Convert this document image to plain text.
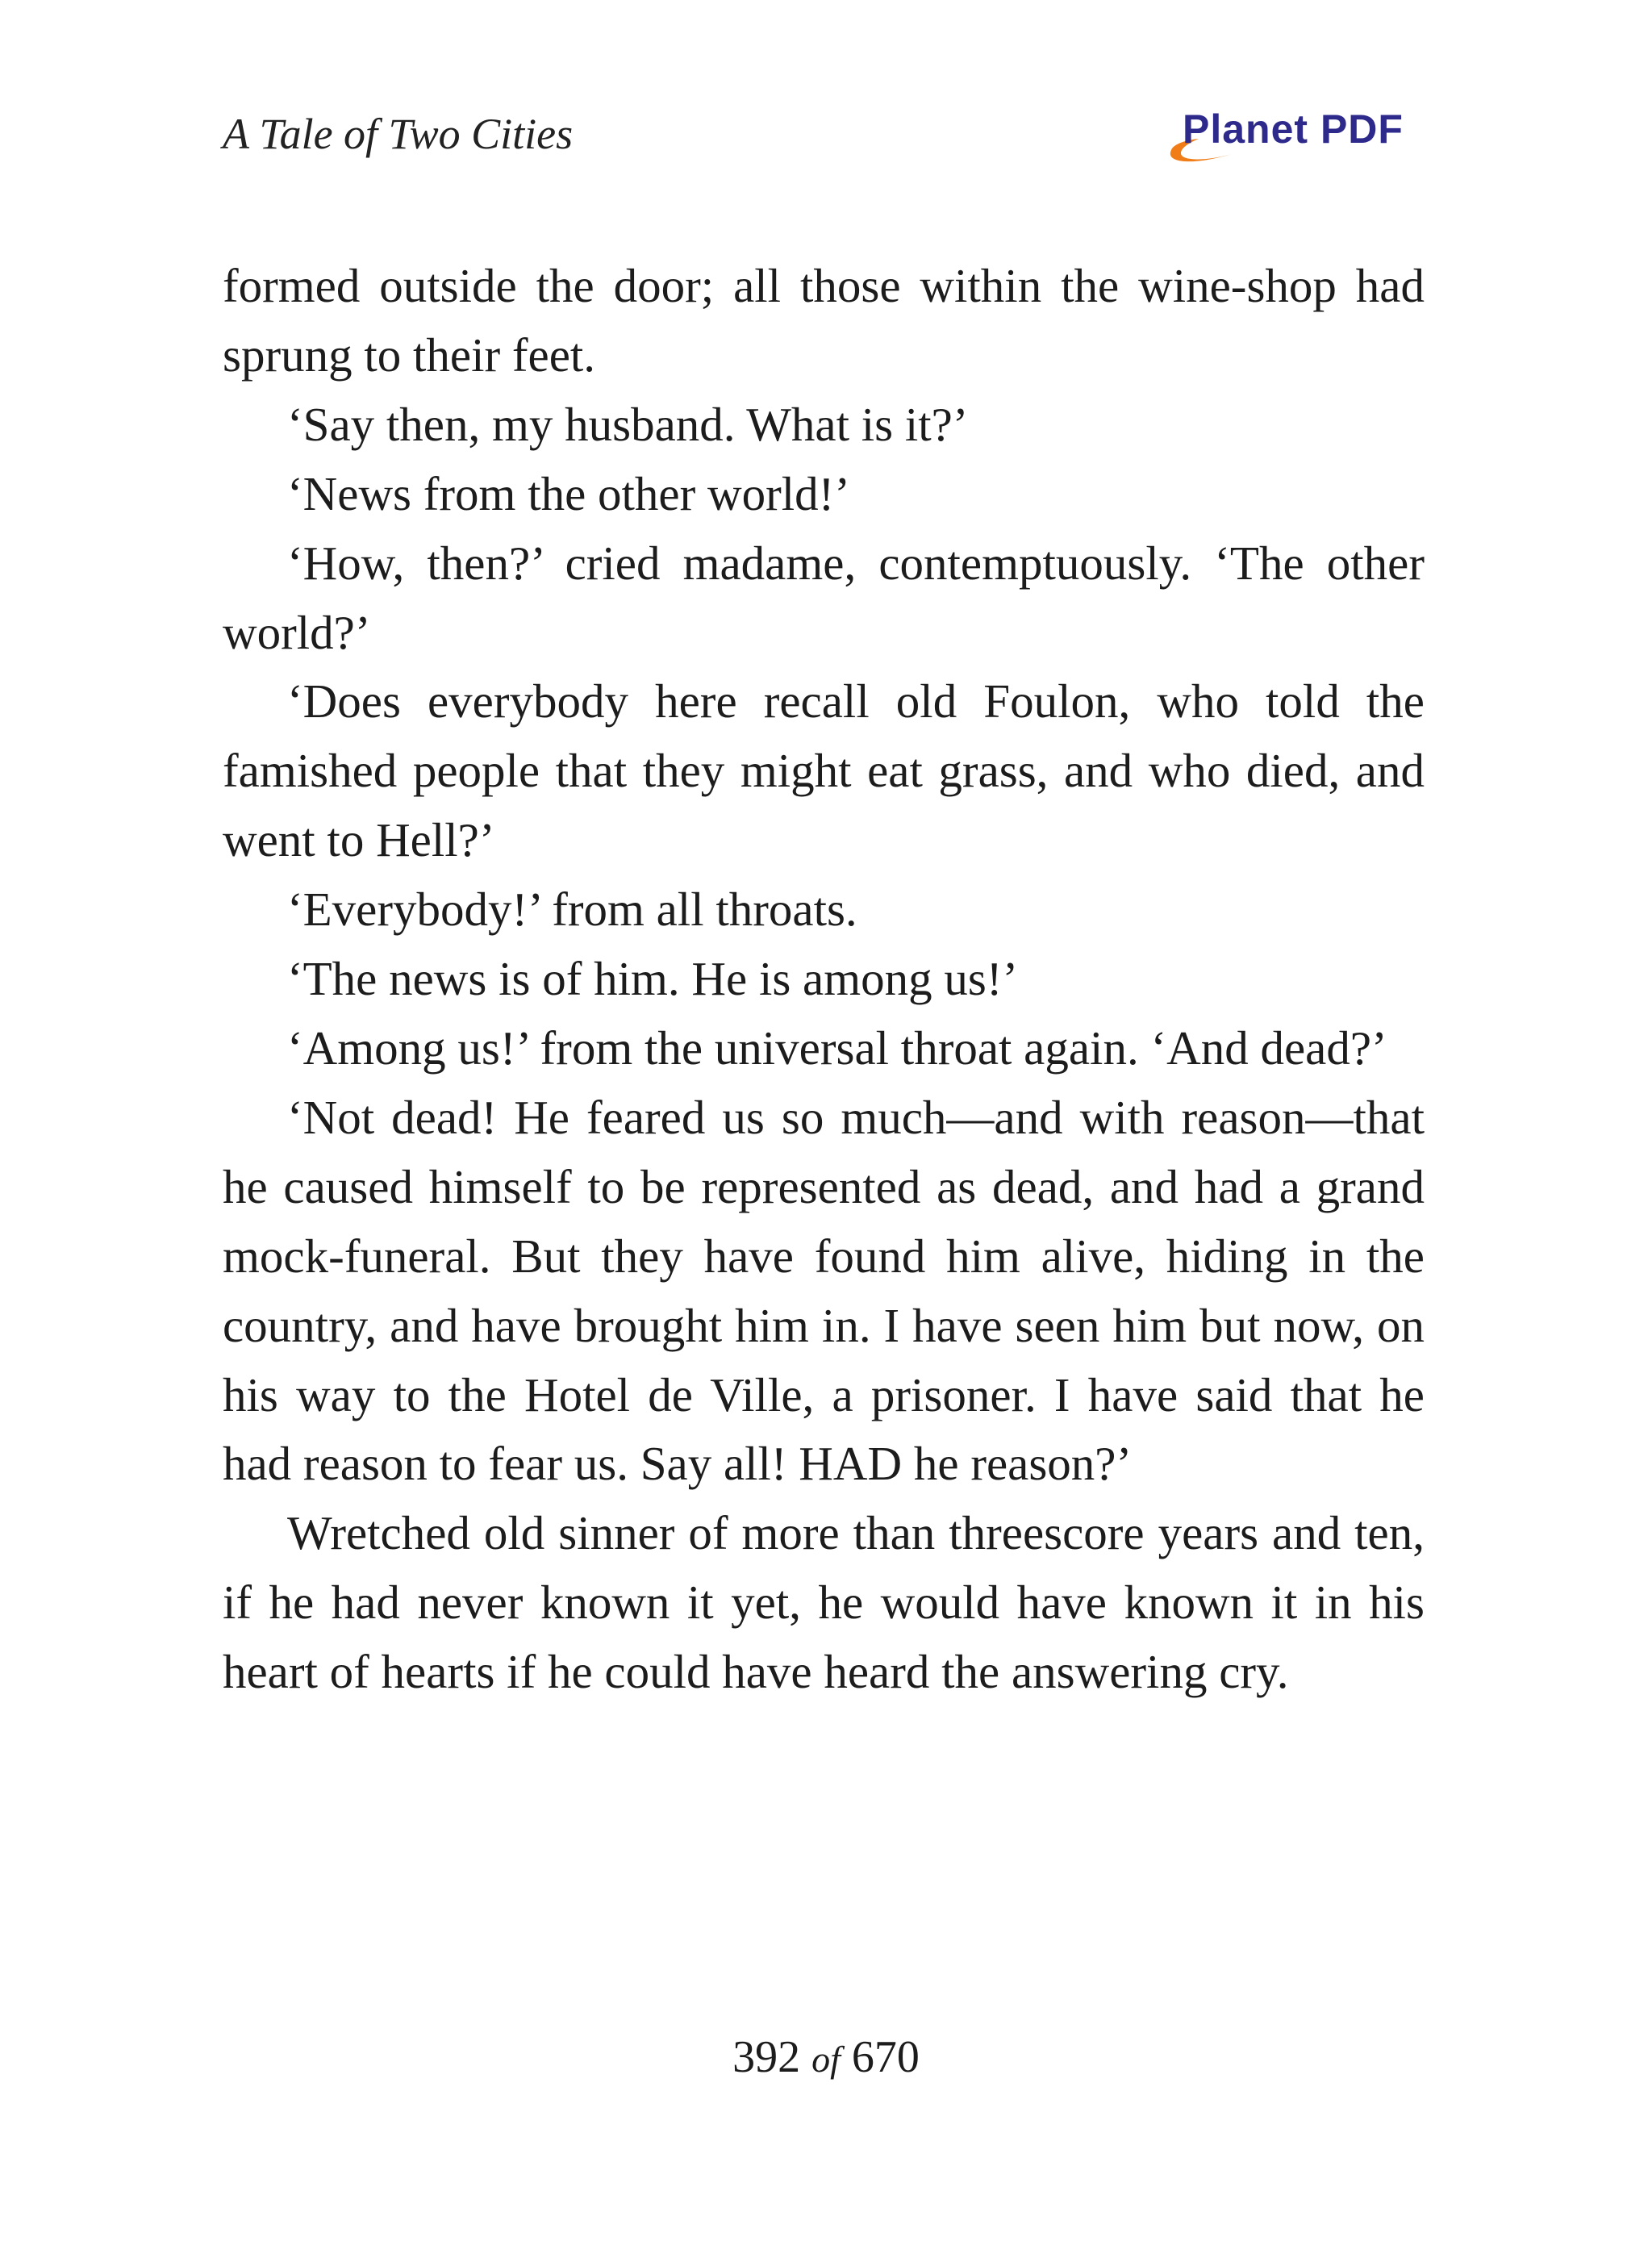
A Tale of Two Cities	Planet PDF

formed outside the door; all those within the wine-shop had sprung to their feet.

‘Say then, my husband. What is it?’

‘News from the other world!’

‘How, then?’ cried madame, contemptuously. ‘The other world?’

‘Does everybody here recall old Foulon, who told the famished people that they might eat grass, and who died, and went to Hell?’

‘Everybody!’ from all throats.

‘The news is of him. He is among us!’

‘Among us!’ from the universal throat again. ‘And dead?’

‘Not dead! He feared us so much—and with reason—that he caused himself to be represented as dead, and had a grand mock-funeral. But they have found him alive, hiding in the country, and have brought him in. I have seen him but now, on his way to the Hotel de Ville, a prisoner. I have said that he had reason to fear us. Say all! HAD he reason?’

Wretched old sinner of more than threescore years and ten, if he had never known it yet, he would have known it in his heart of hearts if he could have heard the answering cry.

392 of 670
